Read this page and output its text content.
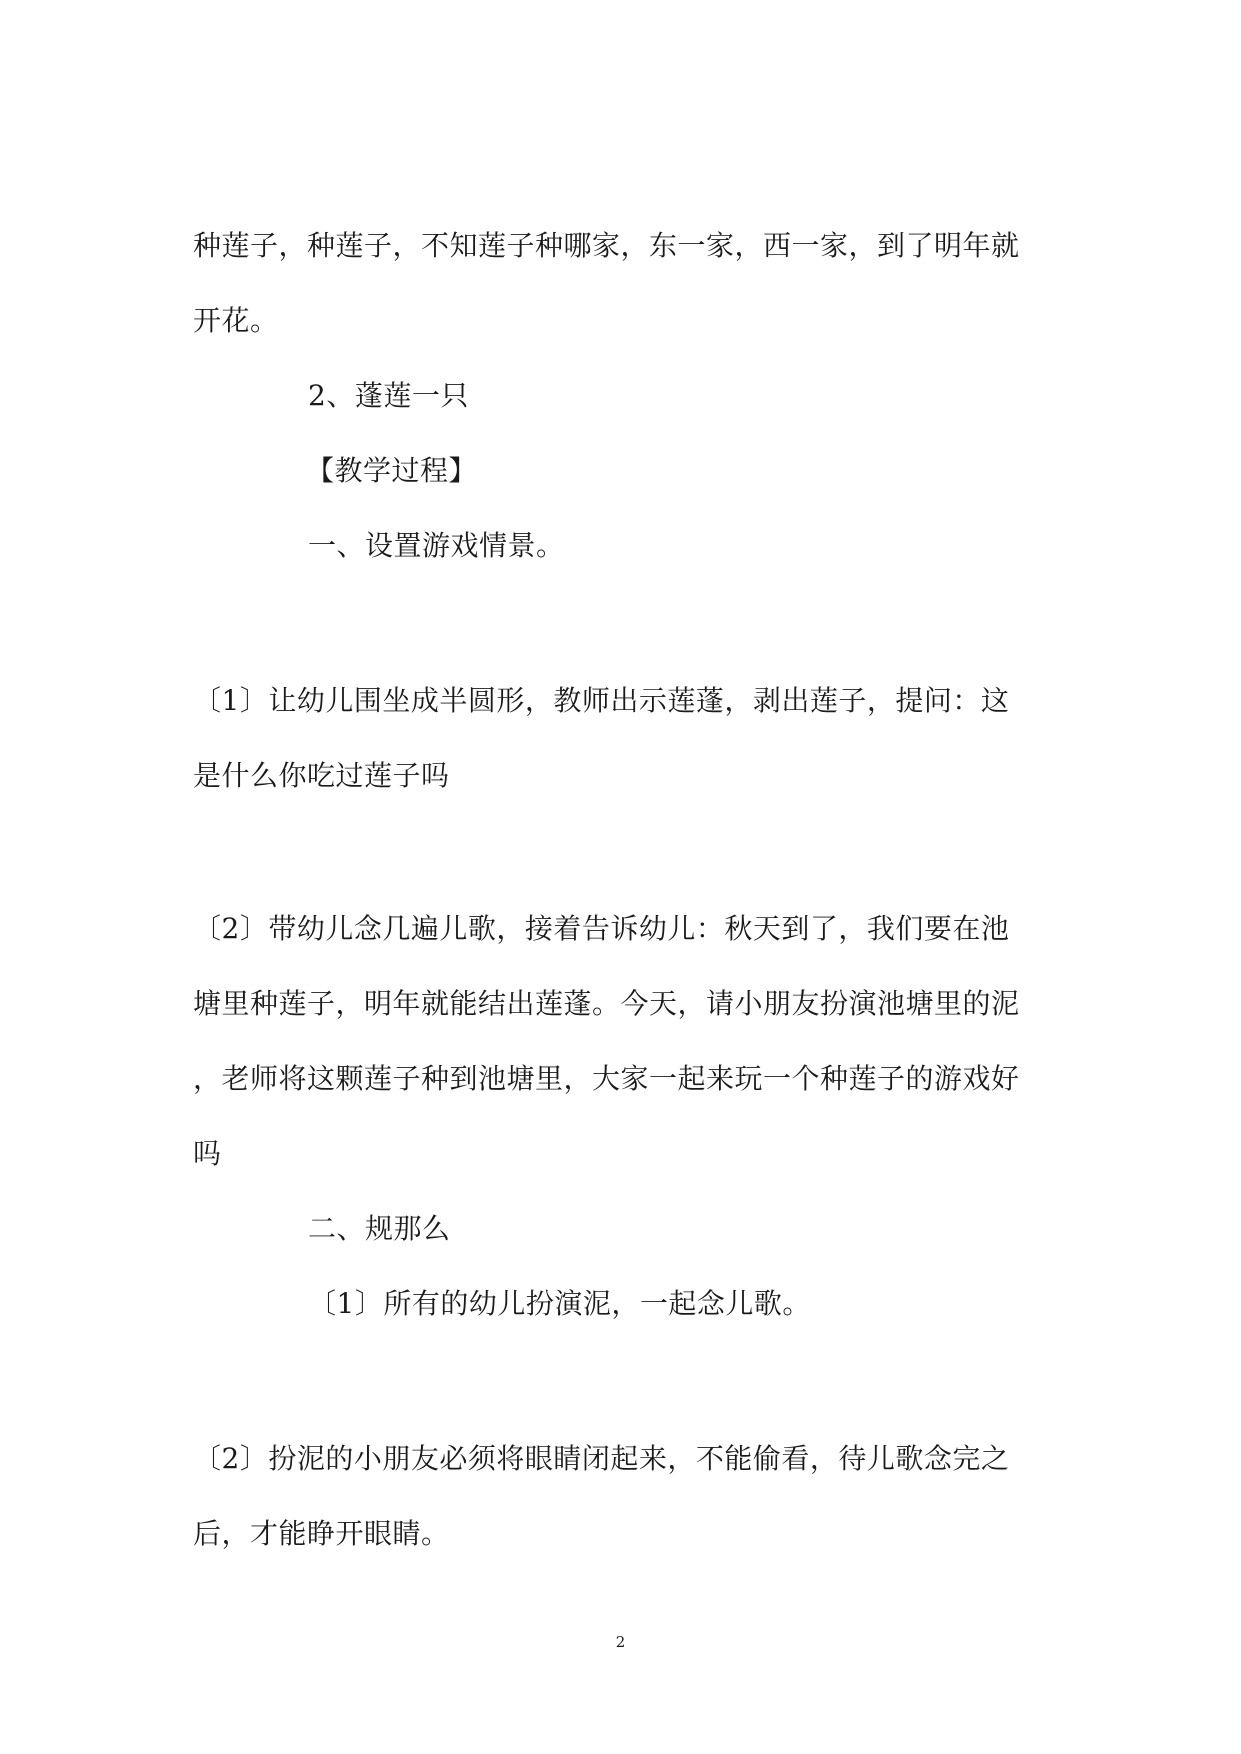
种莲子，种莲子，不知莲子种哪家，东一家，西一家，到了明年就
开花。
2、蓬莲一只
【教学过程】
一、设置游戏情景。
〔1〕让幼儿围坐成半圆形，教师出示莲蓬，剥出莲子，提问：这
是什么你吃过莲子吗
〔2〕带幼儿念几遍儿歌，接着告诉幼儿：秋天到了，我们要在池
塘里种莲子，明年就能结出莲蓬。今天，请小朋友扮演池塘里的泥
，老师将这颗莲子种到池塘里，大家一起来玩一个种莲子的游戏好
吗
二、规那么
〔1〕所有的幼儿扮演泥，一起念儿歌。
〔2〕扮泥的小朋友必须将眼睛闭起来，不能偷看，待儿歌念完之
后，才能睁开眼睛。
2
